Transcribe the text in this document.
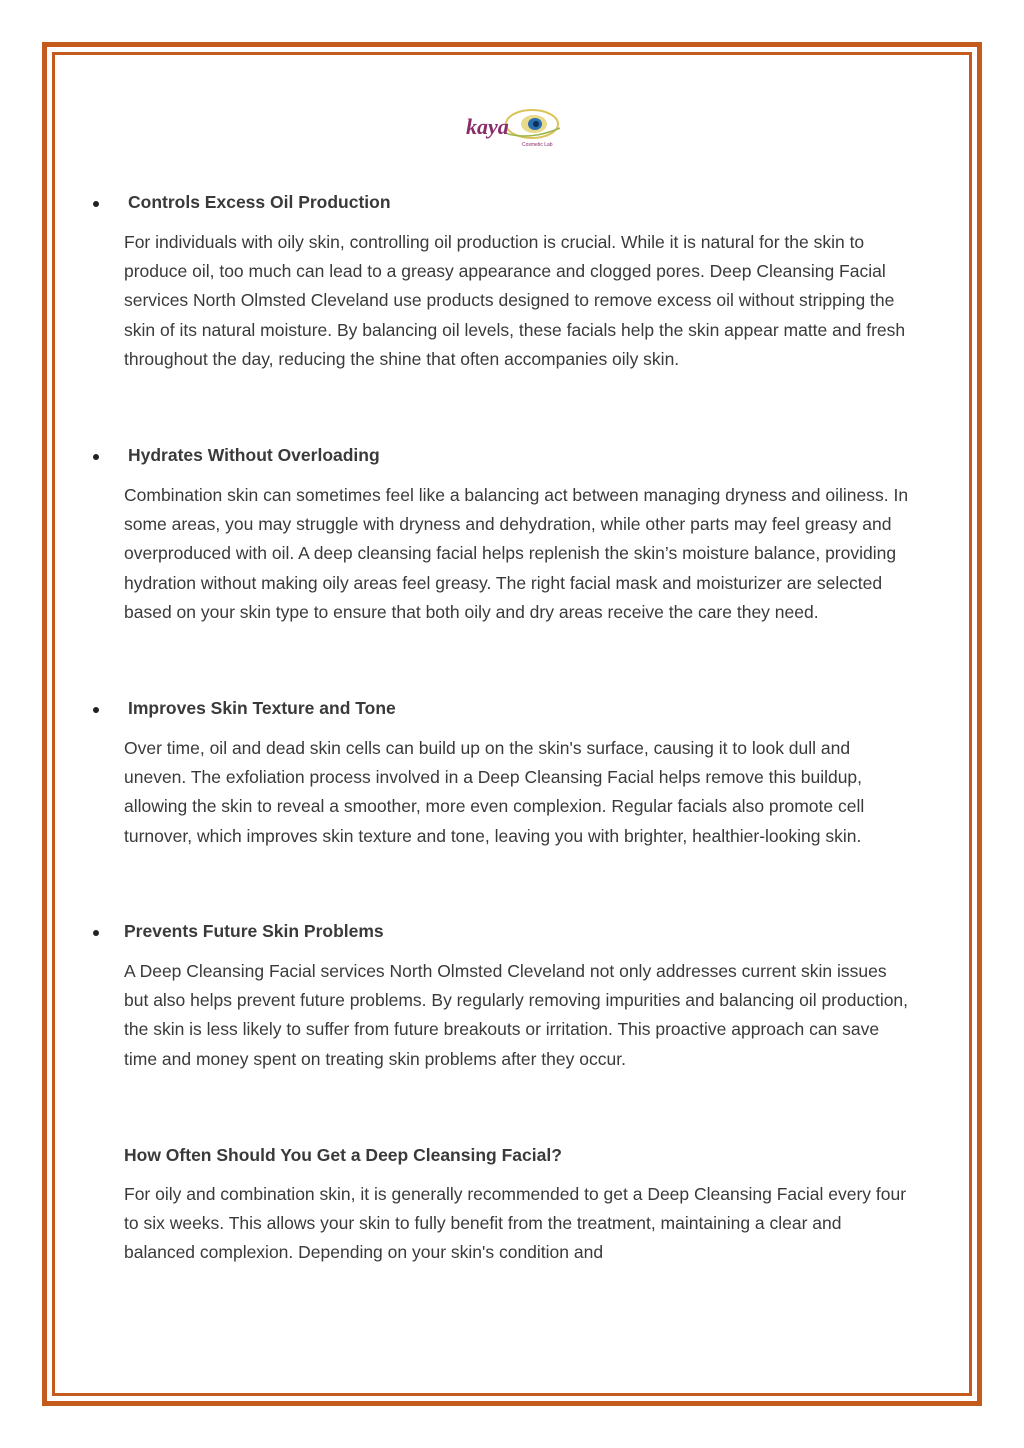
kaya
Cosmetic Lab
Controls Excess Oil Production

For individuals with oily skin, controlling oil production is crucial. While it is natural for the skin to produce oil, too much can lead to a greasy appearance and clogged pores. Deep Cleansing Facial services North Olmsted Cleveland use products designed to remove excess oil without stripping the skin of its natural moisture. By balancing oil levels, these facials help the skin appear matte and fresh throughout the day, reducing the shine that often accompanies oily skin.

Hydrates Without Overloading

Combination skin can sometimes feel like a balancing act between managing dryness and oiliness. In some areas, you may struggle with dryness and dehydration, while other parts may feel greasy and overproduced with oil. A deep cleansing facial helps replenish the skin’s moisture balance, providing hydration without making oily areas feel greasy. The right facial mask and moisturizer are selected based on your skin type to ensure that both oily and dry areas receive the care they need.

Improves Skin Texture and Tone

Over time, oil and dead skin cells can build up on the skin's surface, causing it to look dull and uneven. The exfoliation process involved in a Deep Cleansing Facial helps remove this buildup, allowing the skin to reveal a smoother, more even complexion. Regular facials also promote cell turnover, which improves skin texture and tone, leaving you with brighter, healthier-looking skin.

Prevents Future Skin Problems

A Deep Cleansing Facial services North Olmsted Cleveland not only addresses current skin issues but also helps prevent future problems. By regularly removing impurities and balancing oil production, the skin is less likely to suffer from future breakouts or irritation. This proactive approach can save time and money spent on treating skin problems after they occur.

How Often Should You Get a Deep Cleansing Facial?

For oily and combination skin, it is generally recommended to get a Deep Cleansing Facial every four to six weeks. This allows your skin to fully benefit from the treatment, maintaining a clear and balanced complexion. Depending on your skin's condition and
